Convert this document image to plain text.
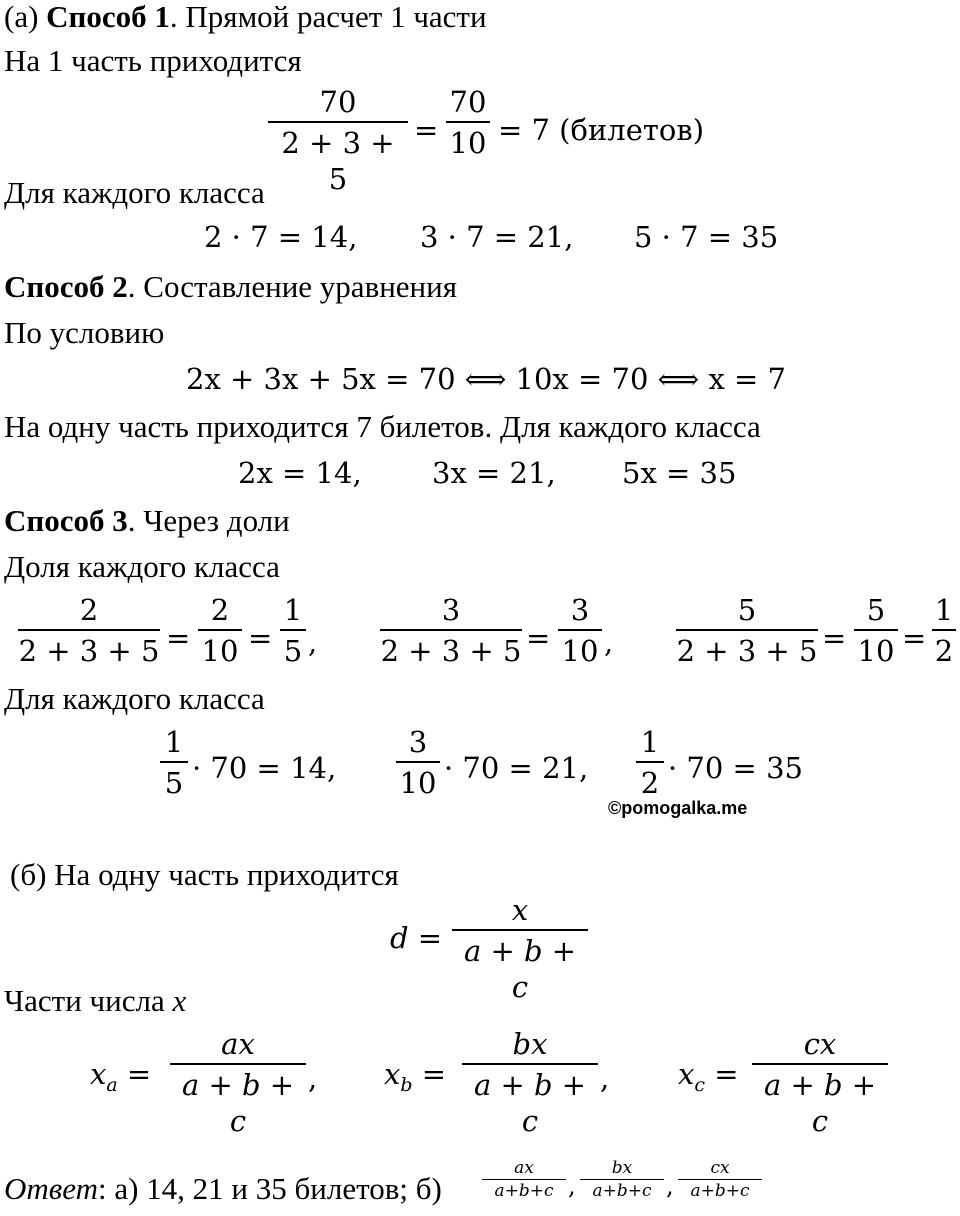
(а) Способ 1. Прямой расчет 1 части
На 1 часть приходится
70
2 + 3 + 5
=
70
10 = 7 (билетов)
Для каждого класса
2 · 7 = 14, 3 · 7 = 21, 5 · 7 = 35
Способ 2. Составление уравнения
По условию
2x + 3x + 5x = 70 ⟺ 10x = 70 ⟺ x = 7
На одну часть приходится 7 билетов. Для каждого класса
2x = 14, 3x = 21, 5x = 35
Способ 3. Через доли
Доля каждого класса
2
2 + 3 + 5 =
2
10 =
1
5 ,
3
2 + 3 + 5 =
3
10 ,
5
2 + 3 + 5 =
5
10 =
1
2
Для каждого класса
1
5 · 70 = 14,
3
10 · 70 = 21,
1
2 · 70 = 35
©pomogalka.me
(б) На одну часть приходится
d =
x
a + b + c
Части числа x
$x_a$ =
ax
a + b + c
, $x_b$ =
bx
a + b + c
, $x_c$ =
cx
a + b + c
Ответ: а) 14, 21 и 35 билетов; б)
ax
a+b+c ,
bx
a+b+c ,
cx
a+b+c
